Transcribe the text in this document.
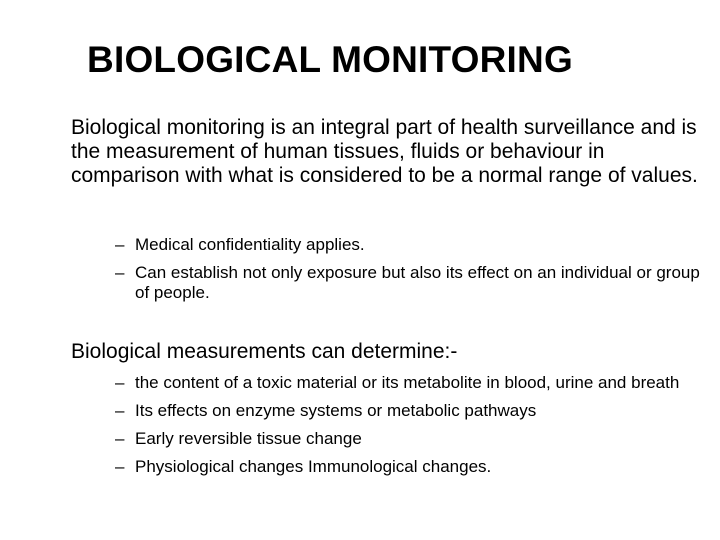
BIOLOGICAL MONITORING

Biological monitoring is an integral part of health surveillance and is the measurement of human tissues, fluids or behaviour in comparison with what is considered to be a normal range of values.

– Medical confidentiality applies.
– Can establish not only exposure but also its effect on an individual or group of people.

Biological measurements can determine:-

– the content of a toxic material or its metabolite in blood, urine and breath
– Its effects on enzyme systems or metabolic pathways
– Early reversible tissue change
– Physiological changes Immunological changes.
